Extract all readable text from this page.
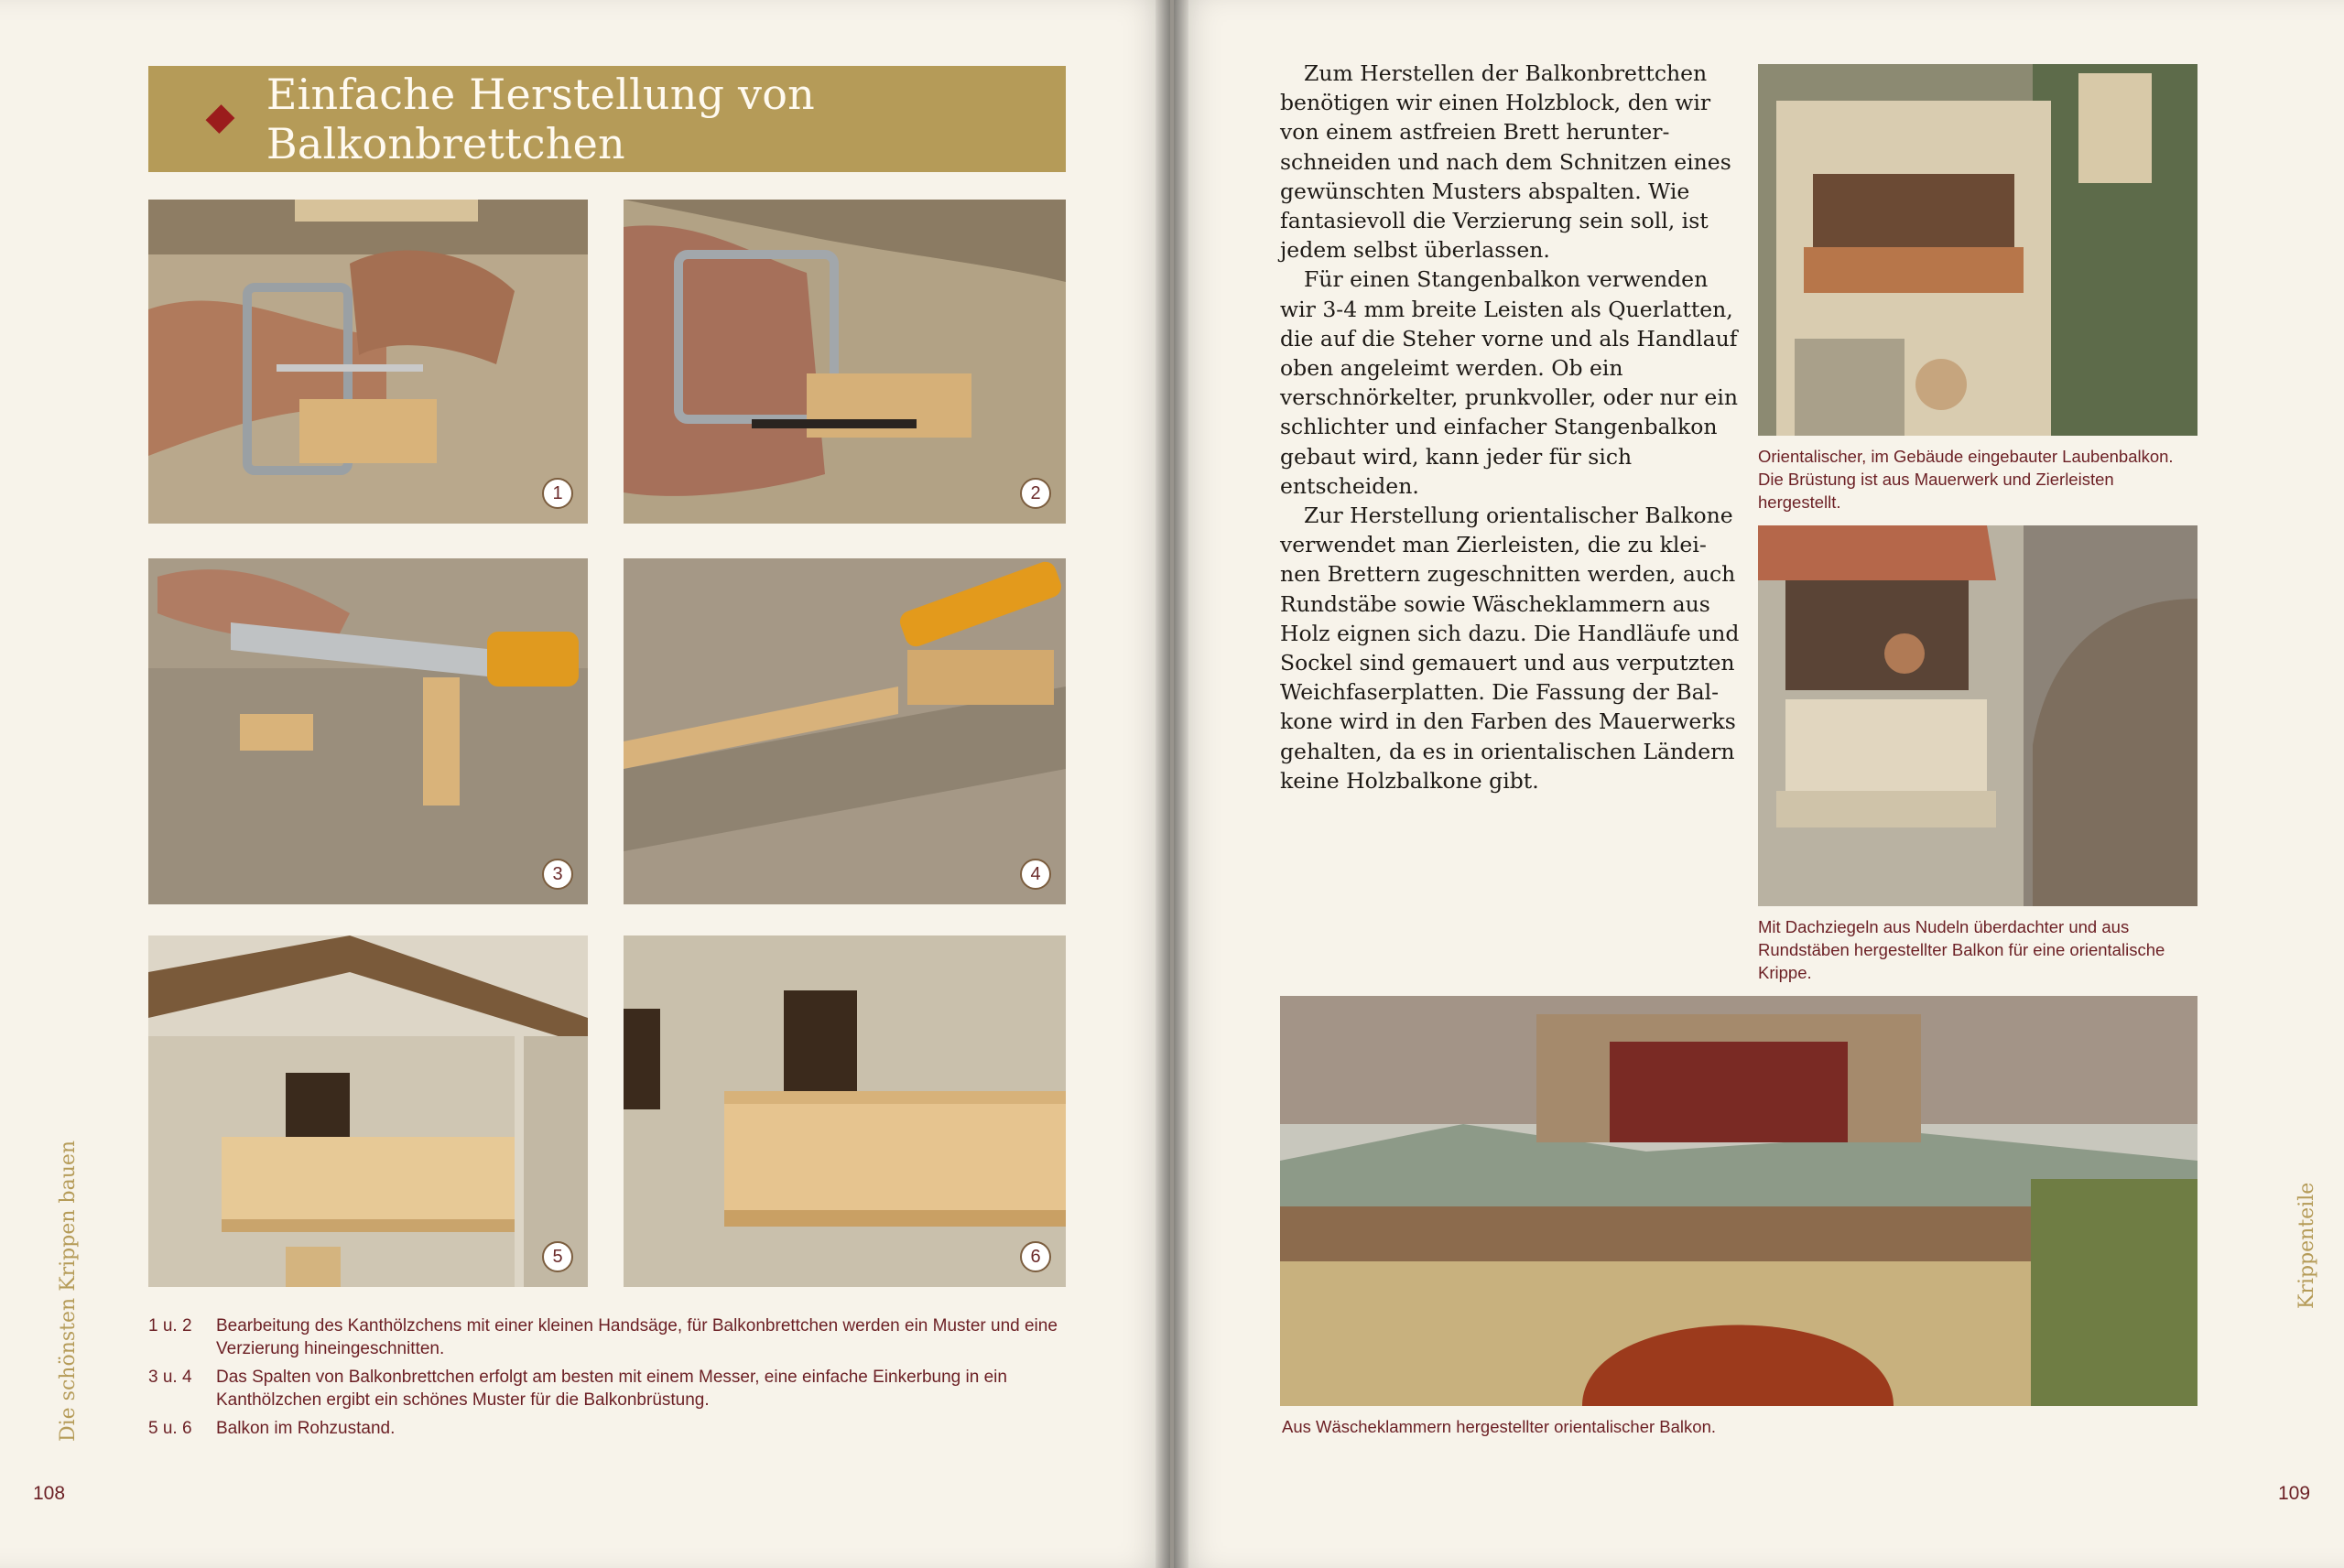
Einfache Herstellung von Balkonbrettchen
1	2
3	4
5	6
1 u. 2	Bearbeitung des Kanthölzchens mit einer kleinen Handsäge, für Balkonbrettchen werden ein Muster und eine Verzierung hineingeschnitten.
3 u. 4	Das Spalten von Balkonbrettchen erfolgt am besten mit einem Messer, eine einfache Einkerbung in ein Kanthölzchen ergibt ein schönes Muster für die Balkonbrüstung.
5 u. 6	Balkon im Rohzustand.
Die schönsten Krippen bauen
108

Zum Herstellen der Balkonbrettchen benötigen wir einen Holzblock, den wir von einem astfreien Brett herunterschneiden und nach dem Schnitzen eines gewünschten Musters abspalten. Wie fantasievoll die Verzierung sein soll, ist jedem selbst überlassen.

Für einen Stangenbalkon verwenden wir 3-4 mm breite Leisten als Querlatten, die auf die Steher vorne und als Handlauf oben angeleimt werden. Ob ein verschnörkelter, prunkvoller, oder nur ein schlichter und einfacher Stangenbalkon gebaut wird, kann jeder für sich entscheiden.

Zur Herstellung orientalischer Balkone verwendet man Zierleisten, die zu kleinen Brettern zugeschnitten werden, auch Rundstäbe sowie Wäscheklammern aus Holz eignen sich dazu. Die Handläufe und Sockel sind gemauert und aus verputzten Weichfaserplatten. Die Fassung der Balkone wird in den Farben des Mauerwerks gehalten, da es in orientalischen Ländern keine Holzbalkone gibt.

Orientalischer, im Gebäude eingebauter Laubenbalkon. Die Brüstung ist aus Mauerwerk und Zierleisten hergestellt.
Mit Dachziegeln aus Nudeln überdachter und aus Rundstäben hergestellter Balkon für eine orientalische Krippe.
Aus Wäscheklammern hergestellter orientalischer Balkon.
Krippenteile
109
